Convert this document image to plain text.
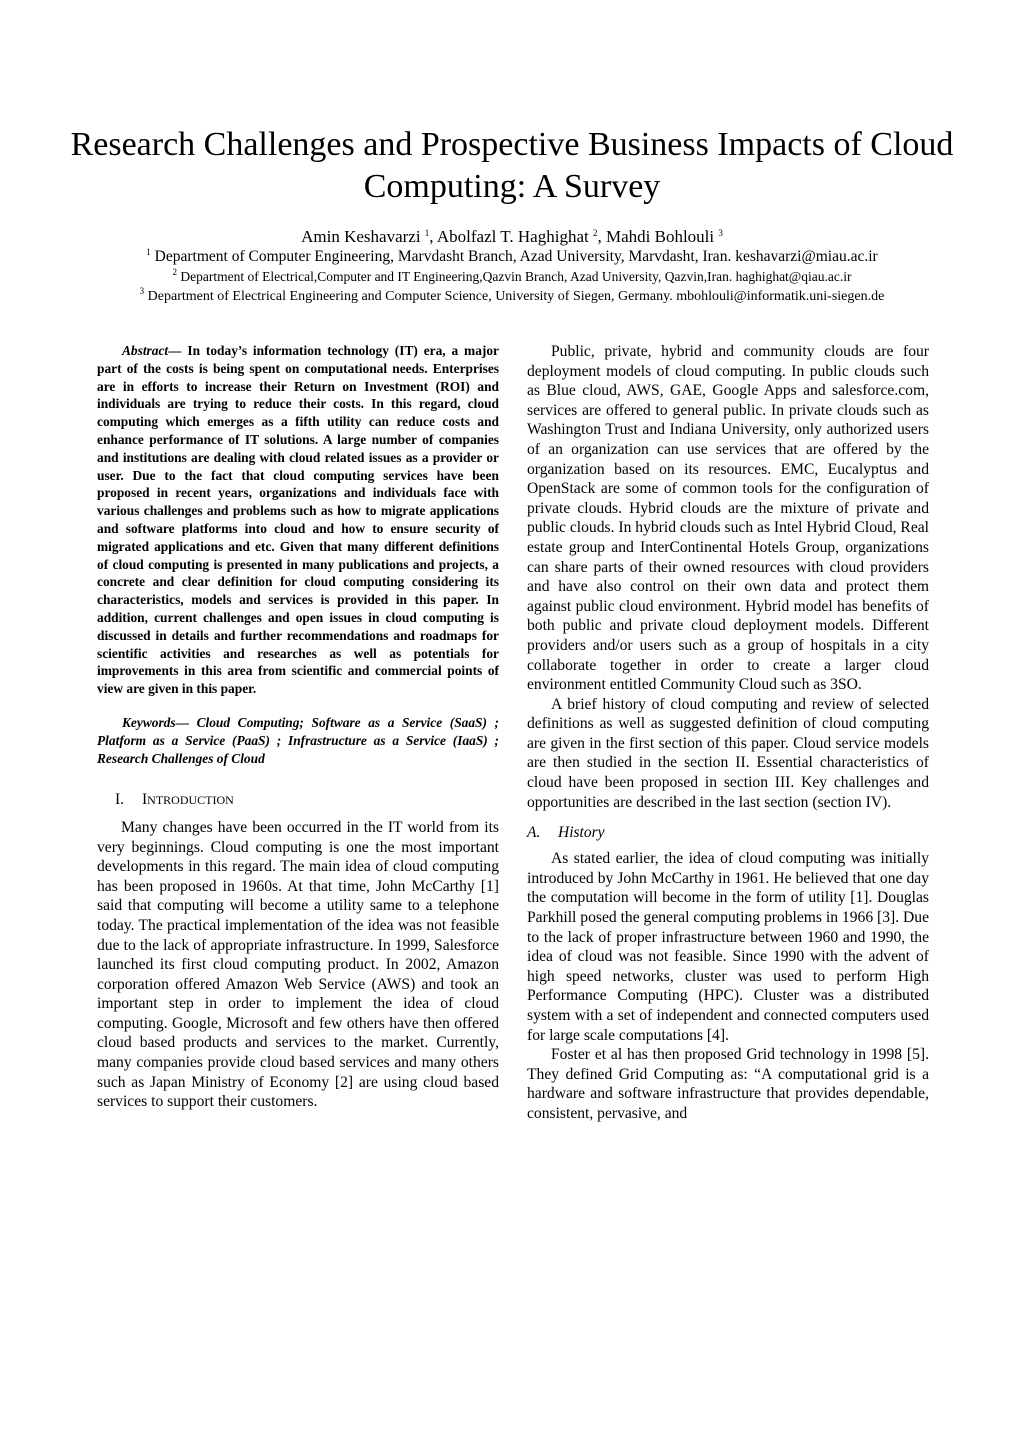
Research Challenges and Prospective Business Impacts of Cloud Computing: A Survey
Amin Keshavarzi $^1$, Abolfazl T. Haghighat $^2$, Mahdi Bohlouli $^3$
$^1$ Department of Computer Engineering, Marvdasht Branch, Azad University, Marvdasht, Iran. keshavarzi@miau.ac.ir
$^2$ Department of Electrical,Computer and IT Engineering,Qazvin Branch, Azad University, Qazvin,Iran. haghighat@qiau.ac.ir
$^3$ Department of Electrical Engineering and Computer Science, University of Siegen, Germany. mbohlouli@informatik.uni-siegen.de

Abstract— In today’s information technology (IT) era, a major part of the costs is being spent on computational needs. Enterprises are in efforts to increase their Return on Investment (ROI) and individuals are trying to reduce their costs. In this regard, cloud computing which emerges as a fifth utility can reduce costs and enhance performance of IT solutions. A large number of companies and institutions are dealing with cloud related issues as a provider or user. Due to the fact that cloud computing services have been proposed in recent years, organizations and individuals face with various challenges and problems such as how to migrate applications and software platforms into cloud and how to ensure security of migrated applications and etc. Given that many different definitions of cloud computing is presented in many publications and projects, a concrete and clear definition for cloud computing considering its characteristics, models and services is provided in this paper. In addition, current challenges and open issues in cloud computing is discussed in details and further recommendations and roadmaps for scientific activities and researches as well as potentials for improvements in this area from scientific and commercial points of view are given in this paper.

Keywords— Cloud Computing; Software as a Service (SaaS) ; Platform as a Service (PaaS) ; Infrastructure as a Service (IaaS) ; Research Challenges of Cloud

I. INTRODUCTION

Many changes have been occurred in the IT world from its very beginnings. Cloud computing is one the most important developments in this regard. The main idea of cloud computing has been proposed in 1960s. At that time, John McCarthy [1] said that computing will become a utility same to a telephone today. The practical implementation of the idea was not feasible due to the lack of appropriate infrastructure. In 1999, Salesforce launched its first cloud computing product. In 2002, Amazon corporation offered Amazon Web Service (AWS) and took an important step in order to implement the idea of cloud computing. Google, Microsoft and few others have then offered cloud based products and services to the market. Currently, many companies provide cloud based services and many others such as Japan Ministry of Economy [2] are using cloud based services to support their customers.

Public, private, hybrid and community clouds are four deployment models of cloud computing. In public clouds such as Blue cloud, AWS, GAE, Google Apps and salesforce.com, services are offered to general public. In private clouds such as Washington Trust and Indiana University, only authorized users of an organization can use services that are offered by the organization based on its resources. EMC, Eucalyptus and OpenStack are some of common tools for the configuration of private clouds. Hybrid clouds are the mixture of private and public clouds. In hybrid clouds such as Intel Hybrid Cloud, Real estate group and InterContinental Hotels Group, organizations can share parts of their owned resources with cloud providers and have also control on their own data and protect them against public cloud environment. Hybrid model has benefits of both public and private cloud deployment models. Different providers and/or users such as a group of hospitals in a city collaborate together in order to create a larger cloud environment entitled Community Cloud such as 3SO.

A brief history of cloud computing and review of selected definitions as well as suggested definition of cloud computing are given in the first section of this paper. Cloud service models are then studied in the section II. Essential characteristics of cloud have been proposed in section III. Key challenges and opportunities are described in the last section (section IV).

A. History

As stated earlier, the idea of cloud computing was initially introduced by John McCarthy in 1961. He believed that one day the computation will become in the form of utility [1]. Douglas Parkhill posed the general computing problems in 1966 [3]. Due to the lack of proper infrastructure between 1960 and 1990, the idea of cloud was not feasible. Since 1990 with the advent of high speed networks, cluster was used to perform High Performance Computing (HPC). Cluster was a distributed system with a set of independent and connected computers used for large scale computations [4].

Foster et al has then proposed Grid technology in 1998 [5]. They defined Grid Computing as: “A computational grid is a hardware and software infrastructure that provides dependable, consistent, pervasive, and
